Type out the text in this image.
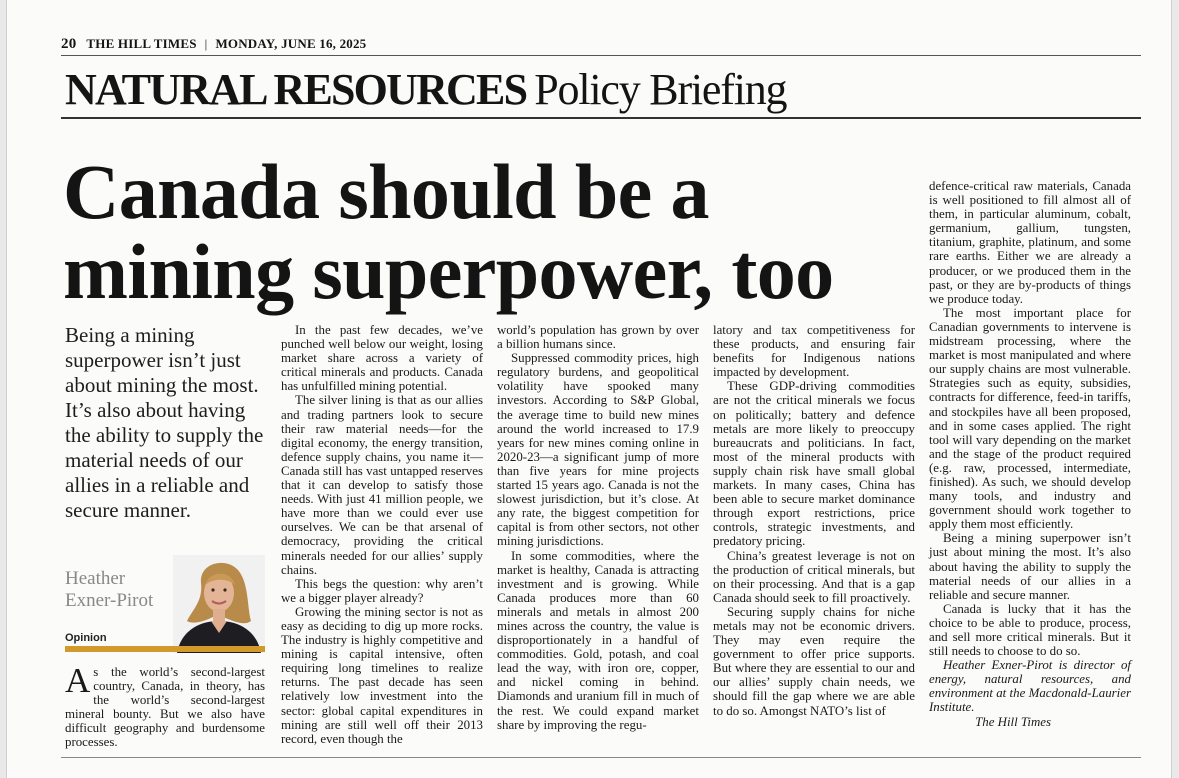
20 THE HILL TIMES | MONDAY, JUNE 16, 2025
NATURAL RESOURCES Policy Briefing
Canada should be a
mining superpower, too
Being a mining superpower isn’t just about mining the most. It’s also about having the ability to supply the material needs of our allies in a reliable and secure manner.
Heather
Exner-Pirot
Opinion

As the world’s second-largest country, Canada, in theory, has the world’s second-largest mineral bounty. But we also have difficult geography and burdensome processes.

In the past few decades, we’ve punched well below our weight, losing market share across a variety of critical minerals and products. Canada has unfulfilled mining potential.

The silver lining is that as our allies and trading partners look to secure their raw material needs—for the digital economy, the energy transition, defence supply chains, you name it—Canada still has vast untapped reserves that it can develop to satisfy those needs. With just 41 million people, we have more than we could ever use ourselves. We can be that arsenal of democracy, providing the critical minerals needed for our allies’ supply chains.

This begs the question: why aren’t we a bigger player already?

Growing the mining sector is not as easy as deciding to dig up more rocks. The industry is highly competitive and mining is capital intensive, often requiring long timelines to realize returns. The past decade has seen relatively low investment into the sector: global capital expenditures in mining are still well off their 2013 record, even though the

world’s population has grown by over a billion humans since.

Suppressed commodity prices, high regulatory burdens, and geopolitical volatility have spooked many investors. According to S&P Global, the average time to build new mines around the world increased to 17.9 years for new mines coming online in 2020-23—a significant jump of more than five years for mine projects started 15 years ago. Canada is not the slowest jurisdiction, but it’s close. At any rate, the biggest competition for capital is from other sectors, not other mining jurisdictions.

In some commodities, where the market is healthy, Canada is attracting investment and is growing. While Canada produces more than 60 minerals and metals in almost 200 mines across the country, the value is disproportionately in a handful of commodities. Gold, potash, and coal lead the way, with iron ore, copper, and nickel coming in behind. Diamonds and uranium fill in much of the rest. We could expand market share by improving the regu-

latory and tax competitiveness for these products, and ensuring fair benefits for Indigenous nations impacted by development.

These GDP-driving commodities are not the critical minerals we focus on politically; battery and defence metals are more likely to preoccupy bureaucrats and politicians. In fact, most of the mineral products with supply chain risk have small global markets. In many cases, China has been able to secure market dominance through export restrictions, price controls, strategic investments, and predatory pricing.

China’s greatest leverage is not on the production of critical minerals, but on their processing. And that is a gap Canada should seek to fill proactively.

Securing supply chains for niche metals may not be economic drivers. They may even require the government to offer price supports. But where they are essential to our and our allies’ supply chain needs, we should fill the gap where we are able to do so. Amongst NATO’s list of

defence-critical raw materials, Canada is well positioned to fill almost all of them, in particular aluminum, cobalt, germanium, gallium, tungsten, titanium, graphite, platinum, and some rare earths. Either we are already a producer, or we produced them in the past, or they are by-products of things we produce today.

The most important place for Canadian governments to intervene is midstream processing, where the market is most manipulated and where our supply chains are most vulnerable. Strategies such as equity, subsidies, contracts for difference, feed-in tariffs, and stockpiles have all been proposed, and in some cases applied. The right tool will vary depending on the market and the stage of the product required (e.g. raw, processed, intermediate, finished). As such, we should develop many tools, and industry and government should work together to apply them most efficiently.

Being a mining superpower isn’t just about mining the most. It’s also about having the ability to supply the material needs of our allies in a reliable and secure manner.

Canada is lucky that it has the choice to be able to produce, process, and sell more critical minerals. But it still needs to choose to do so.

Heather Exner-Pirot is director of energy, natural resources, and environment at the Macdonald-Laurier Institute.

The Hill Times
